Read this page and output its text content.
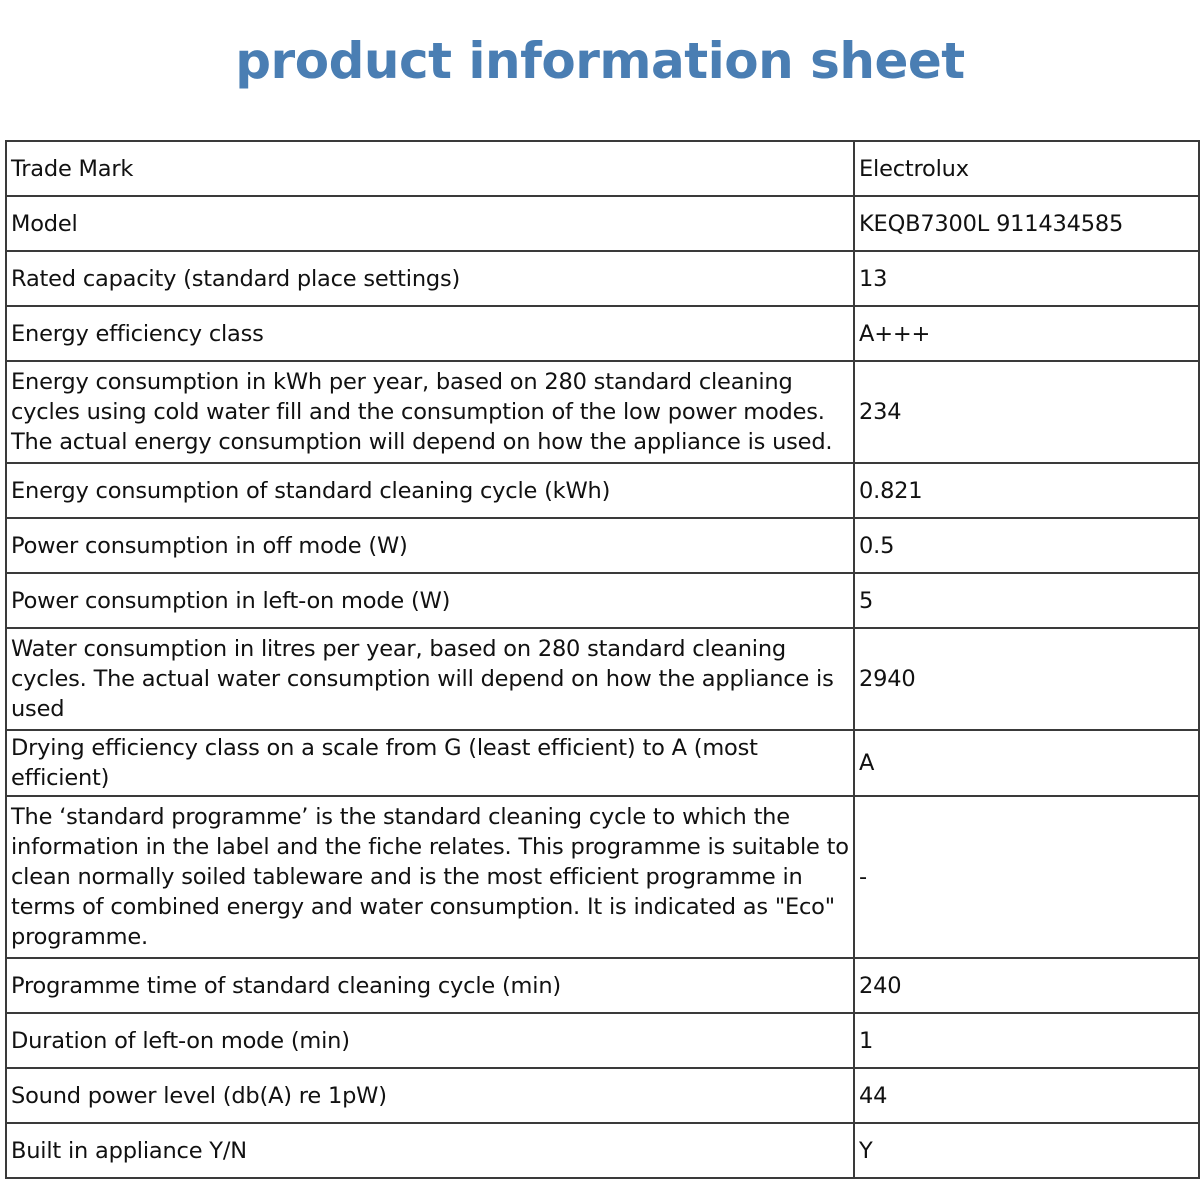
product information sheet
Trade Mark	Electrolux
Model	KEQB7300L 911434585
Rated capacity (standard place settings)	13
Energy efficiency class	A+++
Energy consumption in kWh per year, based on 280 standard cleaning cycles using cold water fill and the consumption of the low power modes. The actual energy consumption will depend on how the appliance is used.	234
Energy consumption of standard cleaning cycle (kWh)	0.821
Power consumption in off mode (W)	0.5
Power consumption in left-on mode (W)	5
Water consumption in litres per year, based on 280 standard cleaning cycles. The actual water consumption will depend on how the appliance is used	2940
Drying efficiency class on a scale from G (least efficient) to A (most efficient)	A
The ‘standard programme’ is the standard cleaning cycle to which the information in the label and the fiche relates. This programme is suitable to clean normally soiled tableware and is the most efficient programme in terms of combined energy and water consumption. It is indicated as "Eco" programme.	-
Programme time of standard cleaning cycle (min)	240
Duration of left-on mode (min)	1
Sound power level (db(A) re 1pW)	44
Built in appliance Y/N	Y
